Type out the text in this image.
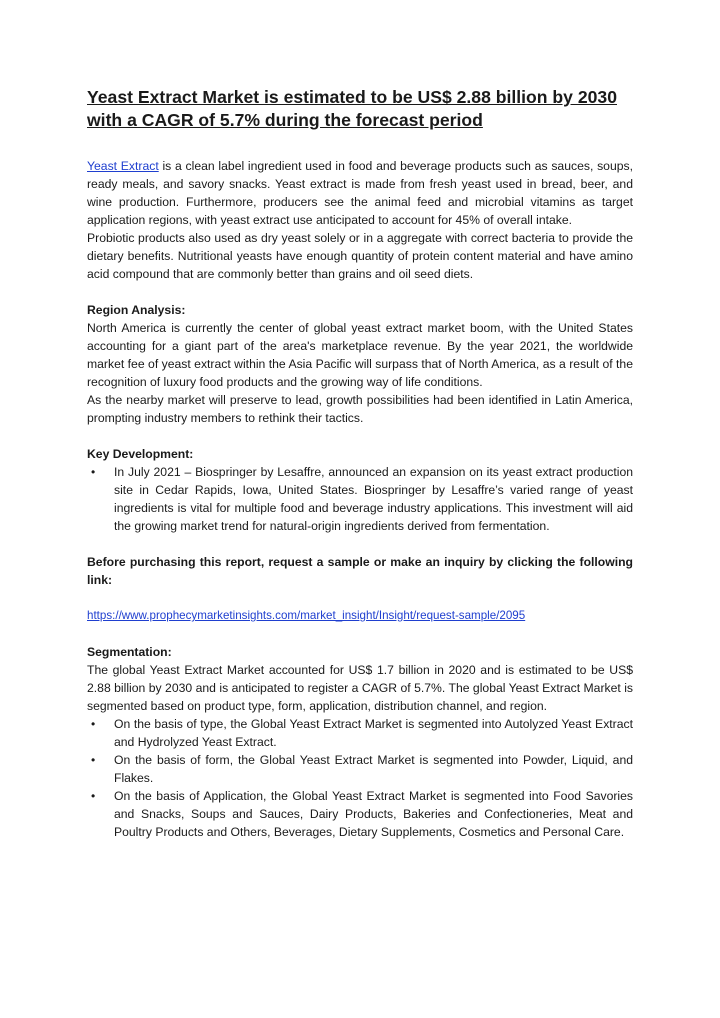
Yeast Extract Market is estimated to be US$ 2.88 billion by 2030 with a CAGR of 5.7% during the forecast period

Yeast Extract is a clean label ingredient used in food and beverage products such as sauces, soups, ready meals, and savory snacks. Yeast extract is made from fresh yeast used in bread, beer, and wine production. Furthermore, producers see the animal feed and microbial vitamins as target application regions, with yeast extract use anticipated to account for 45% of overall intake.

Probiotic products also used as dry yeast solely or in a aggregate with correct bacteria to provide the dietary benefits. Nutritional yeasts have enough quantity of protein content material and have amino acid compound that are commonly better than grains and oil seed diets.

Region Analysis:

North America is currently the center of global yeast extract market boom, with the United States accounting for a giant part of the area's marketplace revenue. By the year 2021, the worldwide market fee of yeast extract within the Asia Pacific will surpass that of North America, as a result of the recognition of luxury food products and the growing way of life conditions.

As the nearby market will preserve to lead, growth possibilities had been identified in Latin America, prompting industry members to rethink their tactics.

Key Development:

• In July 2021 – Biospringer by Lesaffre, announced an expansion on its yeast extract production site in Cedar Rapids, Iowa, United States. Biospringer by Lesaffre’s varied range of yeast ingredients is vital for multiple food and beverage industry applications. This investment will aid the growing market trend for natural-origin ingredients derived from fermentation.

Before purchasing this report, request a sample or make an inquiry by clicking the following link:

https://www.prophecymarketinsights.com/market_insight/Insight/request-sample/2095

Segmentation:

The global Yeast Extract Market accounted for US$ 1.7 billion in 2020 and is estimated to be US$ 2.88 billion by 2030 and is anticipated to register a CAGR of 5.7%. The global Yeast Extract Market is segmented based on product type, form, application, distribution channel, and region.

• On the basis of type, the Global Yeast Extract Market is segmented into Autolyzed Yeast Extract and Hydrolyzed Yeast Extract.
• On the basis of form, the Global Yeast Extract Market is segmented into Powder, Liquid, and Flakes.
• On the basis of Application, the Global Yeast Extract Market is segmented into Food Savories and Snacks, Soups and Sauces, Dairy Products, Bakeries and Confectioneries, Meat and Poultry Products and Others, Beverages, Dietary Supplements, Cosmetics and Personal Care.
